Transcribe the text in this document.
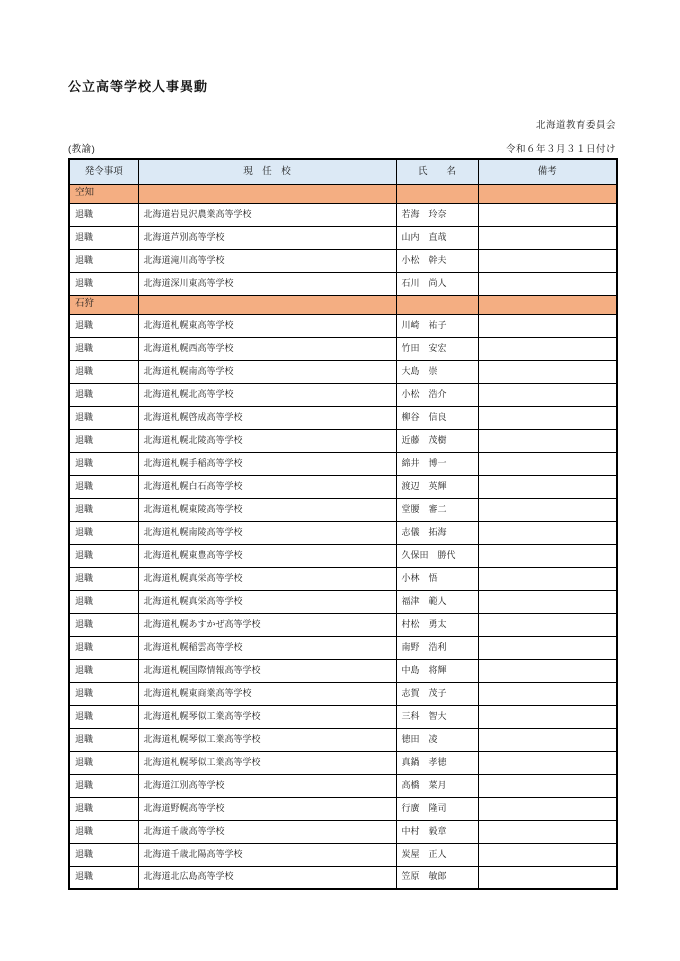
公立高等学校人事異動
北海道教育委員会
(教諭)	令和６年３月３１日付け
発令事項	現　任　校	氏　　名	備考
空知			
退職	北海道岩見沢農業高等学校	若海　玲奈	
退職	北海道芦別高等学校	山内　直哉	
退職	北海道滝川高等学校	小松　幹夫	
退職	北海道深川東高等学校	石川　尚人	
石狩			
退職	北海道札幌東高等学校	川崎　祐子	
退職	北海道札幌西高等学校	竹田　安宏	
退職	北海道札幌南高等学校	大島　崇	
退職	北海道札幌北高等学校	小松　浩介	
退職	北海道札幌啓成高等学校	柳谷　信良	
退職	北海道札幌北陵高等学校	近藤　茂樹	
退職	北海道札幌手稲高等学校	綿井　博一	
退職	北海道札幌白石高等学校	渡辺　英輝	
退職	北海道札幌東陵高等学校	堂腰　審二	
退職	北海道札幌南陵高等学校	志儀　拓海	
退職	北海道札幌東豊高等学校	久保田　勝代	
退職	北海道札幌真栄高等学校	小林　悟	
退職	北海道札幌真栄高等学校	福津　範人	
退職	北海道札幌あすかぜ高等学校	村松　勇太	
退職	北海道札幌稲雲高等学校	南野　浩利	
退職	北海道札幌国際情報高等学校	中島　将輝	
退職	北海道札幌東商業高等学校	志賀　茂子	
退職	北海道札幌琴似工業高等学校	三科　智大	
退職	北海道札幌琴似工業高等学校	徳田　凌	
退職	北海道札幌琴似工業高等学校	真鍋　孝徳	
退職	北海道江別高等学校	高橋　菜月	
退職	北海道野幌高等学校	行廣　隆司	
退職	北海道千歳高等学校	中村　毅章	
退職	北海道千歳北陽高等学校	炭屋　正人	
退職	北海道北広島高等学校	笠原　敏郎	
